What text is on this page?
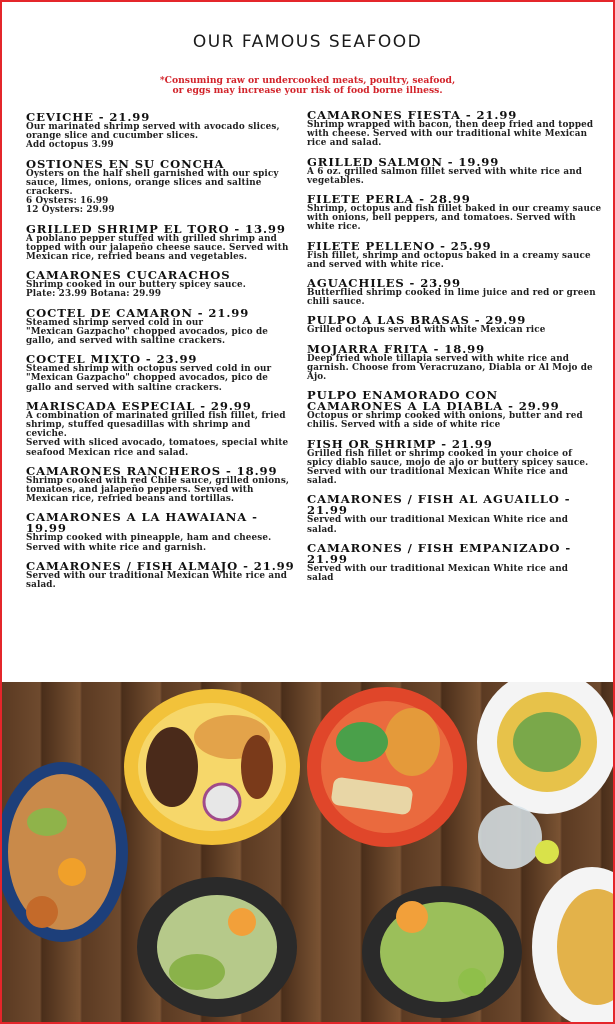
OUR FAMOUS SEAFOOD
*Consuming raw or undercooked meats, poultry, seafood,
or eggs may increase your risk of food borne illness.
CEVICHE - 21.99
Our marinated shrimp served with avocado slices,
orange slice and cucumber slices.
Add octopus 3.99
OSTIONES EN SU CONCHA
Oysters on the half shell garnished with our spicy
sauce, limes, onions, orange slices and saltine
crackers.
6 Oysters: 16.99
12 Oysters: 29.99
GRILLED SHRIMP EL TORO - 13.99
A poblano pepper stuffed with grilled shrimp and
topped with our jalapeño cheese sauce. Served with
Mexican rice, refried beans and vegetables.
CAMARONES CUCARACHOS
Shrimp cooked in our buttery spicey sauce.
Plate: 23.99 Botana: 29.99
COCTEL DE CAMARON - 21.99
Steamed shrimp served cold in our
"Mexican Gazpacho" chopped avocados, pico de
gallo, and served with saltine crackers.
COCTEL MIXTO - 23.99
Steamed shrimp with octopus served cold in our
"Mexican Gazpacho" chopped avocados, pico de
gallo and served with saltine crackers.
MARISCADA ESPECIAL - 29.99
A combination of marinated grilled fish fillet, fried
shrimp, stuffed quesadillas with shrimp and
ceviche.
Served with sliced avocado, tomatoes, special white
seafood Mexican rice and salad.
CAMARONES RANCHEROS - 18.99
Shrimp cooked with red Chile sauce, grilled onions,
tomatoes, and jalapeño peppers. Served with
Mexican rice, refried beans and tortillas.
CAMARONES A LA HAWAIANA - 19.99
Shrimp cooked with pineapple, ham and cheese.
Served with white rice and garnish.
CAMARONES / FISH ALMAJO - 21.99
Served with our traditional Mexican White rice and
salad.
CAMARONES FIESTA - 21.99
Shrimp wrapped with bacon, then deep fried and topped
with cheese. Served with our traditional white Mexican
rice and salad.
GRILLED SALMON - 19.99
A 6 oz. grilled salmon fillet served with white rice and
vegetables.
FILETE PERLA - 28.99
Shrimp, octopus and fish fillet baked in our creamy sauce
with onions, bell peppers, and tomatoes. Served with
white rice.
FILETE PELLENO - 25.99
Fish fillet, shrimp and octopus baked in a creamy sauce
and served with white rice.
AGUACHILES - 23.99
Butterflied shrimp cooked in lime juice and red or green
chili sauce.
PULPO A LAS BRASAS - 29.99
Grilled octopus served with white Mexican rice
MOJARRA FRITA - 18.99
Deep fried whole tillapia served with white rice and
garnish. Choose from Veracruzano, Diabla or Al Mojo de
Ajo.
PULPO ENAMORADO CON
CAMARONES A LA DIABLA - 29.99
Octopus or shrimp cooked with onions, butter and red
chilis. Served with a side of white rice
FISH OR SHRIMP - 21.99
Grilled fish fillet or shrimp cooked in your choice of
spicy diablo sauce, mojo de ajo or buttery spicey sauce.
Served with our traditional Mexican White rice and
salad.
CAMARONES / FISH AL AGUAILLO - 21.99
Served with our traditional Mexican White rice and
salad.
CAMARONES / FISH EMPANIZADO - 21.99
Served with our traditional Mexican White rice and
salad
